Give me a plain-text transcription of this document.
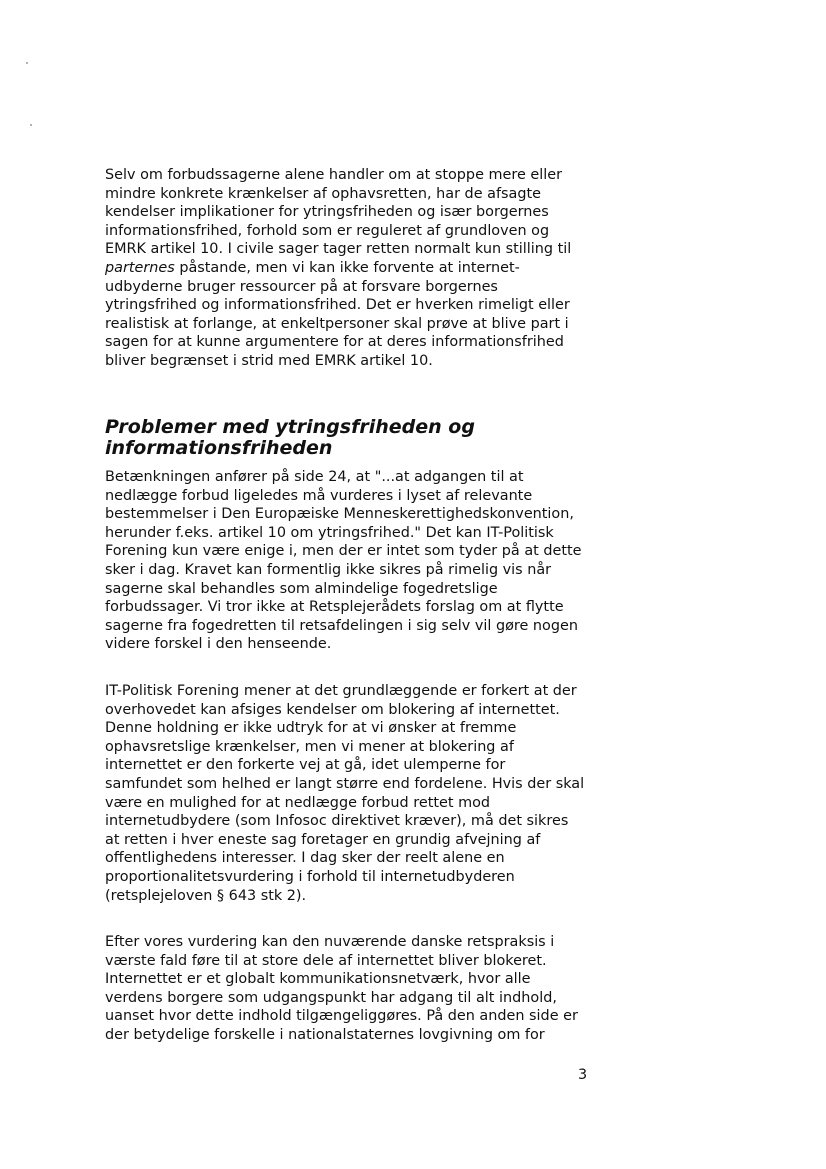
Selv om forbudssagerne alene handler om at stoppe mere eller
mindre konkrete krænkelser af ophavsretten, har de afsagte
kendelser implikationer for ytringsfriheden og især borgernes
informationsfrihed, forhold som er reguleret af grundloven og
EMRK artikel 10. I civile sager tager retten normalt kun stilling til
parternes påstande, men vi kan ikke forvente at internet-
udbyderne bruger ressourcer på at forsvare borgernes
ytringsfrihed og informationsfrihed. Det er hverken rimeligt eller
realistisk at forlange, at enkeltpersoner skal prøve at blive part i
sagen for at kunne argumentere for at deres informationsfrihed
bliver begrænset i strid med EMRK artikel 10.
Problemer med ytringsfriheden og
informationsfriheden
Betænkningen anfører på side 24, at "...at adgangen til at
nedlægge forbud ligeledes må vurderes i lyset af relevante
bestemmelser i Den Europæiske Menneskerettighedskonvention,
herunder f.eks. artikel 10 om ytringsfrihed." Det kan IT-Politisk
Forening kun være enige i, men der er intet som tyder på at dette
sker i dag. Kravet kan formentlig ikke sikres på rimelig vis når
sagerne skal behandles som almindelige fogedretslige
forbudssager. Vi tror ikke at Retsplejerådets forslag om at flytte
sagerne fra fogedretten til retsafdelingen i sig selv vil gøre nogen
videre forskel i den henseende.
IT-Politisk Forening mener at det grundlæggende er forkert at der
overhovedet kan afsiges kendelser om blokering af internettet.
Denne holdning er ikke udtryk for at vi ønsker at fremme
ophavsretslige krænkelser, men vi mener at blokering af
internettet er den forkerte vej at gå, idet ulemperne for
samfundet som helhed er langt større end fordelene. Hvis der skal
være en mulighed for at nedlægge forbud rettet mod
internetudbydere (som Infosoc direktivet kræver), må det sikres
at retten i hver eneste sag foretager en grundig afvejning af
offentlighedens interesser. I dag sker der reelt alene en
proportionalitetsvurdering i forhold til internetudbyderen
(retsplejeloven § 643 stk 2).
Efter vores vurdering kan den nuværende danske retspraksis i
værste fald føre til at store dele af internettet bliver blokeret.
Internettet er et globalt kommunikationsnetværk, hvor alle
verdens borgere som udgangspunkt har adgang til alt indhold,
uanset hvor dette indhold tilgængeliggøres. På den anden side er
der betydelige forskelle i nationalstaternes lovgivning om for
3
